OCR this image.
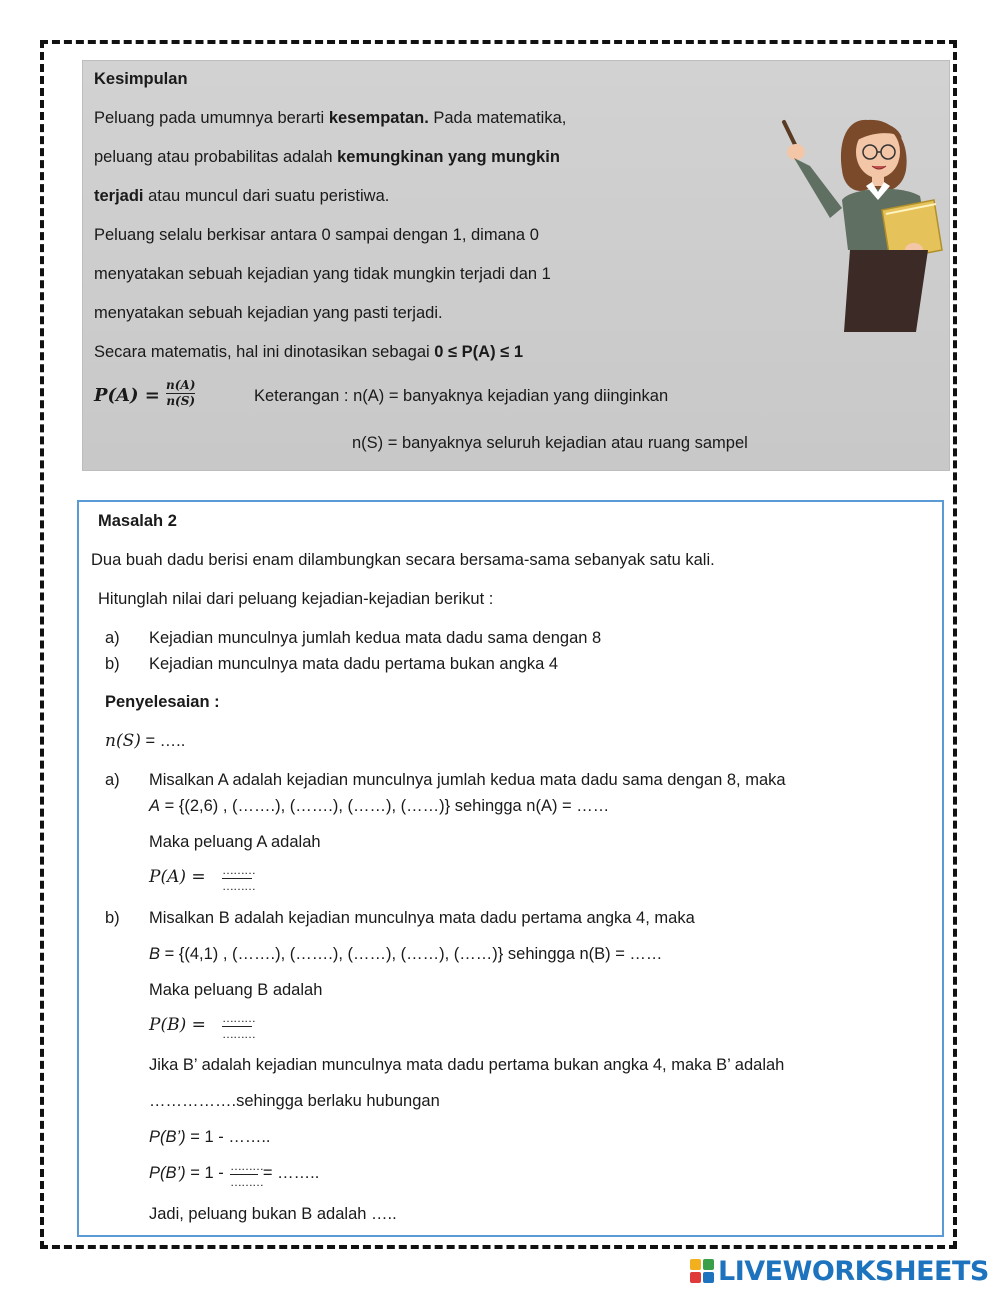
Kesimpulan
Peluang pada umumnya berarti kesempatan. Pada matematika,
peluang atau probabilitas adalah kemungkinan yang mungkin
terjadi atau muncul dari suatu peristiwa.
Peluang selalu berkisar antara 0 sampai dengan 1, dimana 0
menyatakan sebuah kejadian yang tidak mungkin terjadi dan 1
menyatakan sebuah kejadian yang pasti terjadi.
Secara matematis, hal ini dinotasikan sebagai 0 ≤ P(A) ≤ 1
P(A) = n(A)
n(S)	Keterangan : n(A) = banyaknya kejadian yang diinginkan
n(S) = banyaknya seluruh kejadian atau ruang sampel
Masalah 2
Dua buah dadu berisi enam dilambungkan secara bersama-sama sebanyak satu kali.
Hitunglah nilai dari peluang kejadian-kejadian berikut :
a) Kejadian munculnya jumlah kedua mata dadu sama dengan 8
b) Kejadian munculnya mata dadu pertama bukan angka 4
Penyelesaian :
n(S) = …..
a) Misalkan A adalah kejadian munculnya jumlah kedua mata dadu sama dengan 8, maka
A = {(2,6) , (…….), (…….), (……), (……)} sehingga n(A) = ……
Maka peluang A adalah
P(A) = ………
………
b) Misalkan B adalah kejadian munculnya mata dadu pertama angka 4, maka
B = {(4,1) , (…….), (…….), (……), (……), (……)} sehingga n(B) = ……
Maka peluang B adalah
P(B) = ………
………
Jika B’ adalah kejadian munculnya mata dadu pertama bukan angka 4, maka B’ adalah
…………….sehingga berlaku hubungan
P(B’) = 1 - ……..
P(B’) = 1 -  = ……..
………
………
Jadi, peluang bukan B adalah …..
LIVEWORKSHEETS
